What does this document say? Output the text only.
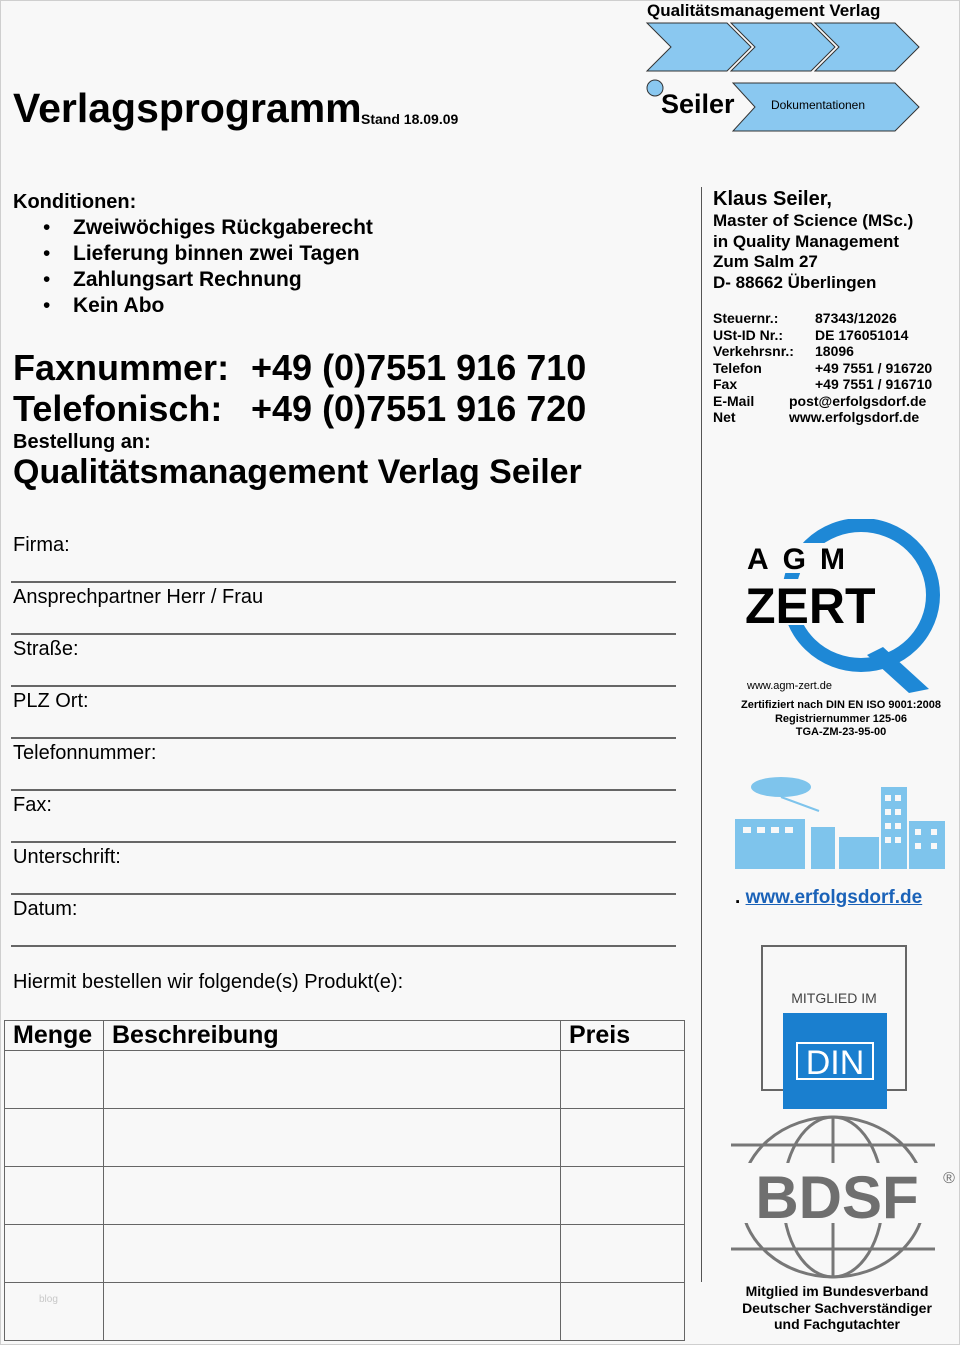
Verlagsprogramm Stand 18.09.09
Qualitätsmanagement Verlag
Seiler	Dokumentationen
Konditionen:
• Zweiwöchiges Rückgaberecht
• Lieferung binnen zwei Tagen
• Zahlungsart Rechnung
• Kein Abo
Faxnummer: +49 (0)7551 916 710
Telefonisch: +49 (0)7551 916 720
Bestellung an:
Qualitätsmanagement Verlag Seiler
Klaus Seiler,
Master of Science (MSc.)
in Quality Management
Zum Salm 27
D- 88662 Überlingen
Steuernr.:	87343/12026
USt-ID Nr.: DE 176051014
Verkehrsnr.: 18096
Telefon	+49 7551 / 916720
Fax	+49 7551 / 916710
E-Mail post@erfolgsdorf.de
Net	www.erfolgsdorf.de
Firma:
Ansprechpartner Herr / Frau
Straße:
PLZ Ort:
Telefonnummer:
Fax:
Unterschrift:
Datum:
Hiermit bestellen wir folgende(s) Produkt(e):
Menge	Beschreibung	Preis

blog
AGM
ZERT
www.agm-zert.de
Zertifiziert nach DIN EN ISO 9001:2008
Registriernummer 125-06
TGA-ZM-23-95-00
. www.erfolgsdorf.de
MITGLIED IM
DIN
BDSF ®
Mitglied im Bundesverband
Deutscher Sachverständiger
und Fachgutachter
